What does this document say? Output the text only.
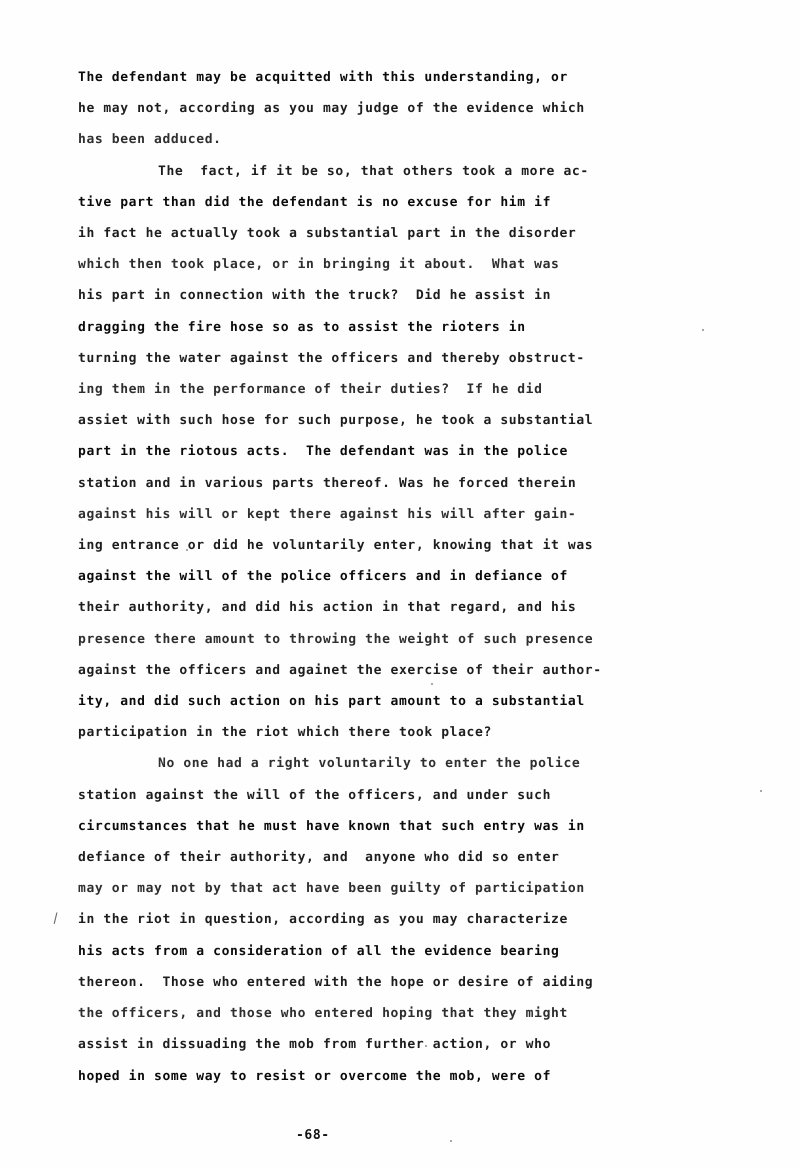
/
The defendant may be acquitted with this understanding, or
he may not, according as you may judge of the evidence which
has been adduced.
The  fact, if it be so, that others took a more ac-
tive part than did the defendant is no excuse for him if
ih fact he actually took a substantial part in the disorder
which then took place, or in bringing it about.  What was
his part in connection with the truck?  Did he assist in
dragging the fire hose so as to assist the rioters in
turning the water against the officers and thereby obstruct-
ing them in the performance of their duties?  If he did
assiet with such hose for such purpose, he took a substantial
part in the riotous acts.  The defendant was in the police
station and in various parts thereof. Was he forced therein
against his will or kept there against his will after gain-
ing entrance or did he voluntarily enter, knowing that it was
against the will of the police officers and in defiance of
their authority, and did his action in that regard, and his
presence there amount to throwing the weight of such presence
against the officers and againet the exercise of their author-
ity, and did such action on his part amount to a substantial
participation in the riot which there took place?
No one had a right voluntarily to enter the police
station against the will of the officers, and under such
circumstances that he must have known that such entry was in
defiance of their authority, and  anyone who did so enter
may or may not by that act have been guilty of participation
in the riot in question, according as you may characterize
his acts from a consideration of all the evidence bearing
thereon.  Those who entered with the hope or desire of aiding
the officers, and those who entered hoping that they might
assist in dissuading the mob from further action, or who
hoped in some way to resist or overcome the mob, were of
-68-
